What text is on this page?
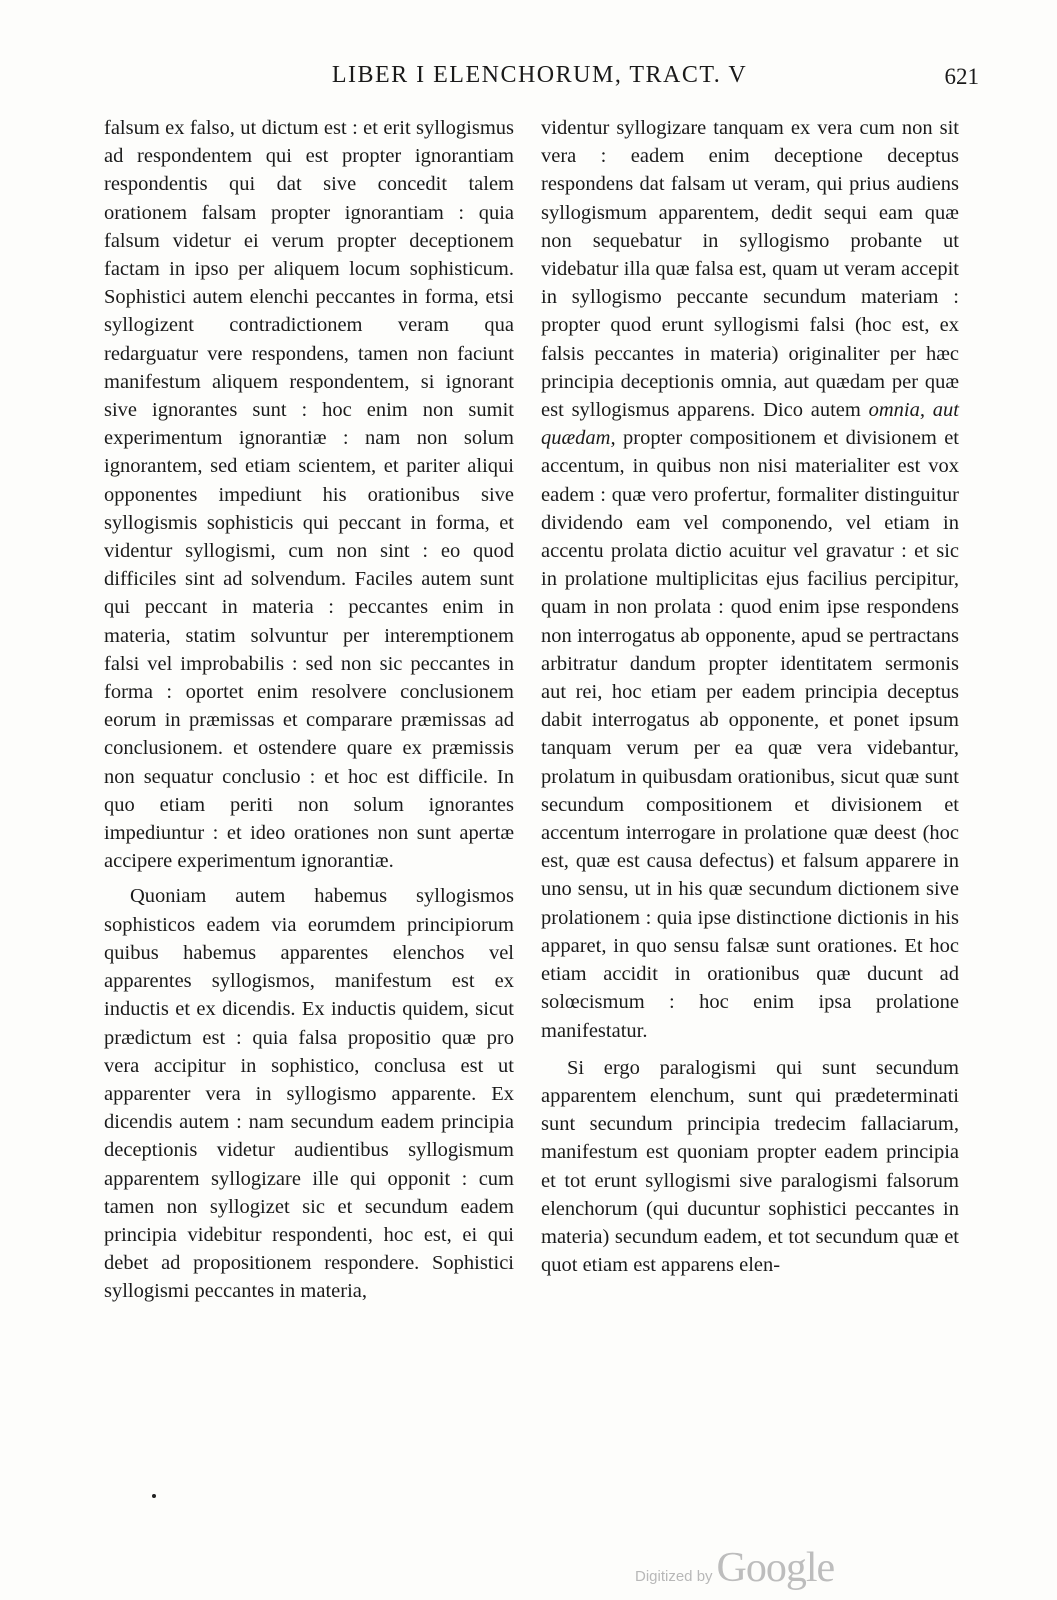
LIBER I ELENCHORUM, TRACT. V	621

falsum ex falso, ut dictum est : et erit syllogismus ad respondentem qui est propter ignorantiam respondentis qui dat sive concedit talem orationem falsam propter ignorantiam : quia falsum videtur ei verum propter deceptionem factam in ipso per aliquem locum sophisticum. Sophistici autem elenchi peccantes in forma, etsi syllogizent contradictionem veram qua redarguatur vere respondens, tamen non faciunt manifestum aliquem respondentem, si ignorant sive ignorantes sunt : hoc enim non sumit experimentum ignorantiæ : nam non solum ignorantem, sed etiam scientem, et pariter aliqui opponentes impediunt his orationibus sive syllogismis sophisticis qui peccant in forma, et videntur syllogismi, cum non sint : eo quod difficiles sint ad solvendum. Faciles autem sunt qui peccant in materia : peccantes enim in materia, statim solvuntur per interemptionem falsi vel improbabilis : sed non sic peccantes in forma : oportet enim resolvere conclusionem eorum in præmissas et comparare præmissas ad conclusionem. et ostendere quare ex præmissis non sequatur conclusio : et hoc est difficile. In quo etiam periti non solum ignorantes impediuntur : et ideo orationes non sunt apertæ accipere experimentum ignorantiæ.

Quoniam autem habemus syllogismos sophisticos eadem via eorumdem principiorum quibus habemus apparentes elenchos vel apparentes syllogismos, manifestum est ex inductis et ex dicendis. Ex inductis quidem, sicut prædictum est : quia falsa propositio quæ pro vera accipitur in sophistico, conclusa est ut apparenter vera in syllogismo apparente. Ex dicendis autem : nam secundum eadem principia deceptionis videtur audientibus syllogismum apparentem syllogizare ille qui opponit : cum tamen non syllogizet sic et secundum eadem principia videbitur respondenti, hoc est, ei qui debet ad propositionem respondere. Sophistici syllogismi peccantes in materia,

videntur syllogizare tanquam ex vera cum non sit vera : eadem enim deceptione deceptus respondens dat falsam ut veram, qui prius audiens syllogismum apparentem, dedit sequi eam quæ non sequebatur in syllogismo probante ut videbatur illa quæ falsa est, quam ut veram accepit in syllogismo peccante secundum materiam : propter quod erunt syllogismi falsi (hoc est, ex falsis peccantes in materia) originaliter per hæc principia deceptionis omnia, aut quædam per quæ est syllogismus apparens. Dico autem omnia, aut quædam, propter compositionem et divisionem et accentum, in quibus non nisi materialiter est vox eadem : quæ vero profertur, formaliter distinguitur dividendo eam vel componendo, vel etiam in accentu prolata dictio acuitur vel gravatur : et sic in prolatione multiplicitas ejus facilius percipitur, quam in non prolata : quod enim ipse respondens non interrogatus ab opponente, apud se pertractans arbitratur dandum propter identitatem sermonis aut rei, hoc etiam per eadem principia deceptus dabit interrogatus ab opponente, et ponet ipsum tanquam verum per ea quæ vera videbantur, prolatum in quibusdam orationibus, sicut quæ sunt secundum compositionem et divisionem et accentum interrogare in prolatione quæ deest (hoc est, quæ est causa defectus) et falsum apparere in uno sensu, ut in his quæ secundum dictionem sive prolationem : quia ipse distinctione dictionis in his apparet, in quo sensu falsæ sunt orationes. Et hoc etiam accidit in orationibus quæ ducunt ad solœcismum : hoc enim ipsa prolatione manifestatur.

Si ergo paralogismi qui sunt secundum apparentem elenchum, sunt qui prædeterminati sunt secundum principia tredecim fallaciarum, manifestum est quoniam propter eadem principia et tot erunt syllogismi sive paralogismi falsorum elenchorum (qui ducuntur sophistici peccantes in materia) secundum eadem, et tot secundum quæ et quot etiam est apparens elen-

Digitized by Google
